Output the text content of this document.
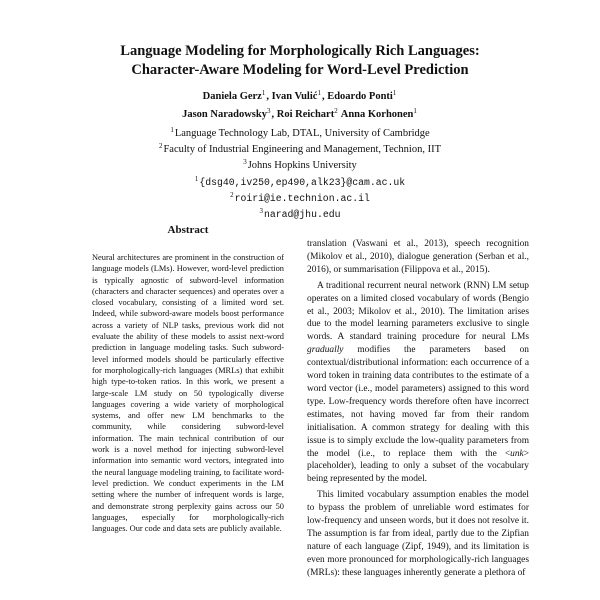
Language Modeling for Morphologically Rich Languages:
Character-Aware Modeling for Word-Level Prediction
Daniela Gerz$^1$, Ivan Vulić$^1$, Edoardo Ponti$^1$
Jason Naradowsky$^3$, Roi Reichart$^2$ Anna Korhonen$^1$
$^1$Language Technology Lab, DTAL, University of Cambridge
$^2$Faculty of Industrial Engineering and Management, Technion, IIT
$^3$Johns Hopkins University
$^1${dsg40,iv250,ep490,alk23}@cam.ac.uk
$^2$roiri@ie.technion.ac.il
$^3$narad@jhu.edu
Abstract
Neural architectures are prominent in the construction of language models (LMs). However, word-level prediction is typically agnostic of subword-level information (characters and character sequences) and operates over a closed vocabulary, consisting of a limited word set. Indeed, while subword-aware models boost performance across a variety of NLP tasks, previous work did not evaluate the ability of these models to assist next-word prediction in language modeling tasks. Such subword-level informed models should be particularly effective for morphologically-rich languages (MRLs) that exhibit high type-to-token ratios. In this work, we present a large-scale LM study on 50 typologically diverse languages covering a wide variety of morphological systems, and offer new LM benchmarks to the community, while considering subword-level information. The main technical contribution of our work is a novel method for injecting subword-level information into semantic word vectors, integrated into the neural language modeling training, to facilitate word-level prediction. We conduct experiments in the LM setting where the number of infrequent words is large, and demonstrate strong perplexity gains across our 50 languages, especially for morphologically-rich languages. Our code and data sets are publicly available.

translation (Vaswani et al., 2013), speech recognition (Mikolov et al., 2010), dialogue generation (Serban et al., 2016), or summarisation (Filippova et al., 2015).

A traditional recurrent neural network (RNN) LM setup operates on a limited closed vocabulary of words (Bengio et al., 2003; Mikolov et al., 2010). The limitation arises due to the model learning parameters exclusive to single words. A standard training procedure for neural LMs gradually modifies the parameters based on contextual/distributional information: each occurrence of a word token in training data contributes to the estimate of a word vector (i.e., model parameters) assigned to this word type. Low-frequency words therefore often have incorrect estimates, not having moved far from their random initialisation. A common strategy for dealing with this issue is to simply exclude the low-quality parameters from the model (i.e., to replace them with the <unk> placeholder), leading to only a subset of the vocabulary being represented by the model.

This limited vocabulary assumption enables the model to bypass the problem of unreliable word estimates for low-frequency and unseen words, but it does not resolve it. The assumption is far from ideal, partly due to the Zipfian nature of each language (Zipf, 1949), and its limitation is even more pronounced for morphologically-rich languages (MRLs): these languages inherently generate a plethora of
